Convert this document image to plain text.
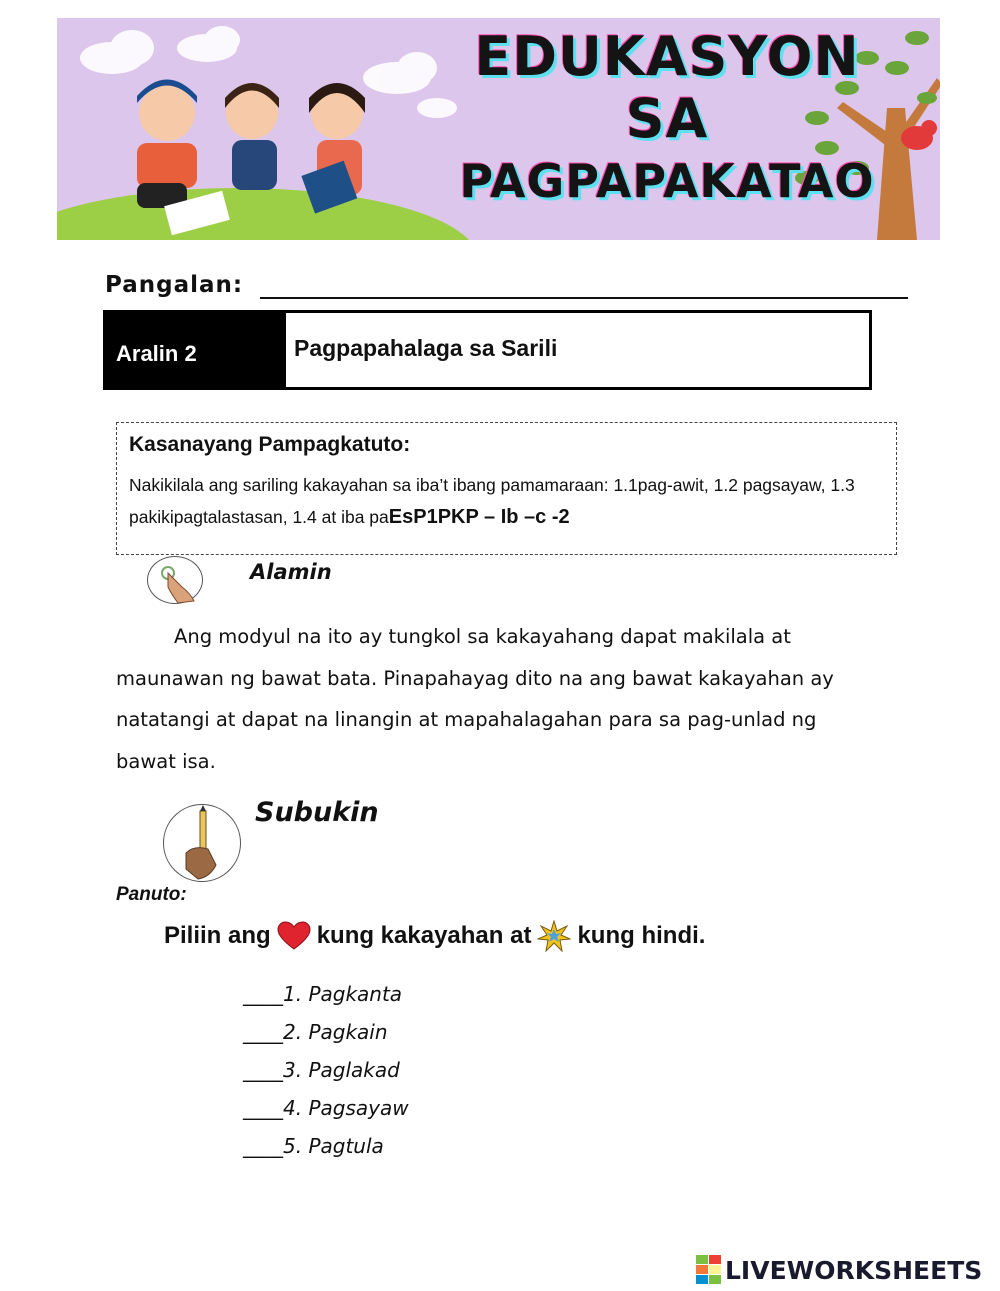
EDUKASYON
SA
PAGPAPAKATAO
Pangalan:
Aralin 2	Pagpapahalaga sa Sarili
Kasanayang Pampagkatuto:
Nakikilala ang sariling kakayahan sa iba’t ibang pamamaraan: 1.1pag-awit, 1.2 pagsayaw, 1.3 pakikipagtalastasan, 1.4 at iba paEsP1PKP – Ib –c -2
Alamin
Ang modyul na ito ay tungkol sa kakayahang dapat makilala at maunawan ng bawat bata. Pinapahayag dito na ang bawat kakayahan ay natatangi at dapat na linangin at mapahalagahan para sa pag-unlad ng bawat isa.
Subukin
Panuto:
Piliin ang kung kakayahan at kung hindi.
____1. Pagkanta
____2. Pagkain
____3. Paglakad
____4. Pagsayaw
____5. Pagtula
LIVEWORKSHEETS
